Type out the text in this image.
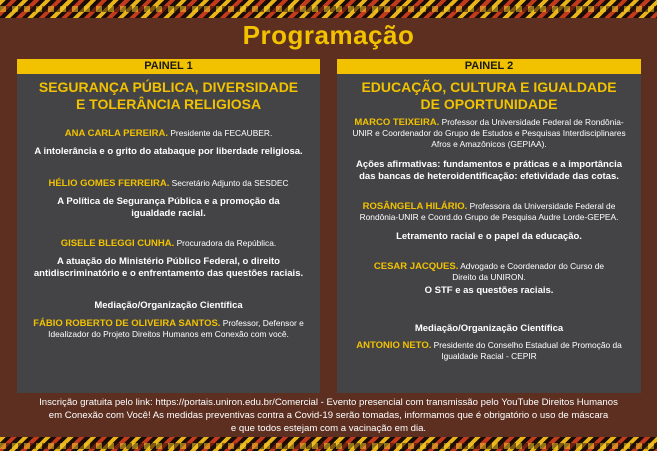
Programação
PAINEL 1
SEGURANÇA PÚBLICA, DIVERSIDADE
E TOLERÂNCIA RELIGIOSA
ANA CARLA PEREIRA. Presidente da FECAUBER.
A intolerância e o grito do atabaque por liberdade religiosa.
HÉLIO GOMES FERREIRA. Secretário Adjunto da SESDEC
A Política de Segurança Pública e a promoção da
igualdade racial.
GISELE BLEGGI CUNHA. Procuradora da República.
A atuação do Ministério Público Federal, o direito
antidiscriminatório e o enfrentamento das questões raciais.
Mediação/Organização Científica
FÁBIO ROBERTO DE OLIVEIRA SANTOS. Professor, Defensor e
Idealizador do Projeto Direitos Humanos em Conexão com você.
PAINEL 2
EDUCAÇÃO, CULTURA E IGUALDADE
DE OPORTUNIDADE
MARCO TEIXEIRA. Professor da Universidade Federal de Rondônia-
UNIR e Coordenador do Grupo de Estudos e Pesquisas Interdisciplinares
Afros e Amazônicos (GEPIAA).
Ações afirmativas: fundamentos e práticas e a importância
das bancas de heteroidentificação: efetividade das cotas.
ROSÂNGELA HILÁRIO. Professora da Universidade Federal de
Rondônia-UNIR e Coord.do Grupo de Pesquisa Audre Lorde-GEPEA.
Letramento racial e o papel da educação.
CESAR JACQUES. Advogado e Coordenador do Curso de
Direito da UNIRON.
O STF e as questões raciais.
Mediação/Organização Científica
ANTONIO NETO. Presidente do Conselho Estadual de Promoção da
Igualdade Racial - CEPIR
Inscrição gratuita pelo link: https://portais.uniron.edu.br/Comercial - Evento presencial com transmissão pelo YouTube Direitos Humanos
em Conexão com Você! As medidas preventivas contra a Covid-19 serão tomadas, informamos que é obrigatório o uso de máscara
e que todos estejam com a vacinação em dia.
